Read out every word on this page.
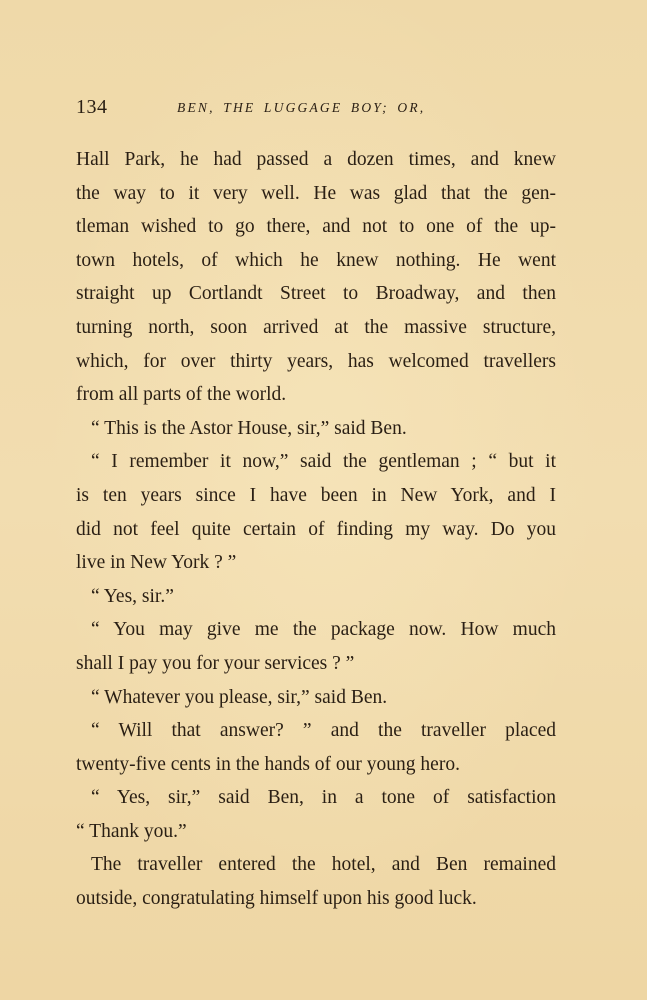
134	BEN, THE LUGGAGE BOY; OR,
Hall Park, he had passed a dozen times, and knew
the way to it very well. He was glad that the gen-
tleman wished to go there, and not to one of the up-
town hotels, of which he knew nothing. He went
straight up Cortlandt Street to Broadway, and then
turning north, soon arrived at the massive structure,
which, for over thirty years, has welcomed travellers
from all parts of the world.
“ This is the Astor House, sir,” said Ben.
“ I remember it now,” said the gentleman ; “ but it
is ten years since I have been in New York, and I
did not feel quite certain of finding my way. Do you
live in New York ? ”
“ Yes, sir.”
“ You may give me the package now. How much
shall I pay you for your services ? ”
“ Whatever you please, sir,” said Ben.
“ Will that answer? ” and the traveller placed
twenty-five cents in the hands of our young hero.
“ Yes, sir,” said Ben, in a tone of satisfaction
“ Thank you.”
The traveller entered the hotel, and Ben remained
outside, congratulating himself upon his good luck.
